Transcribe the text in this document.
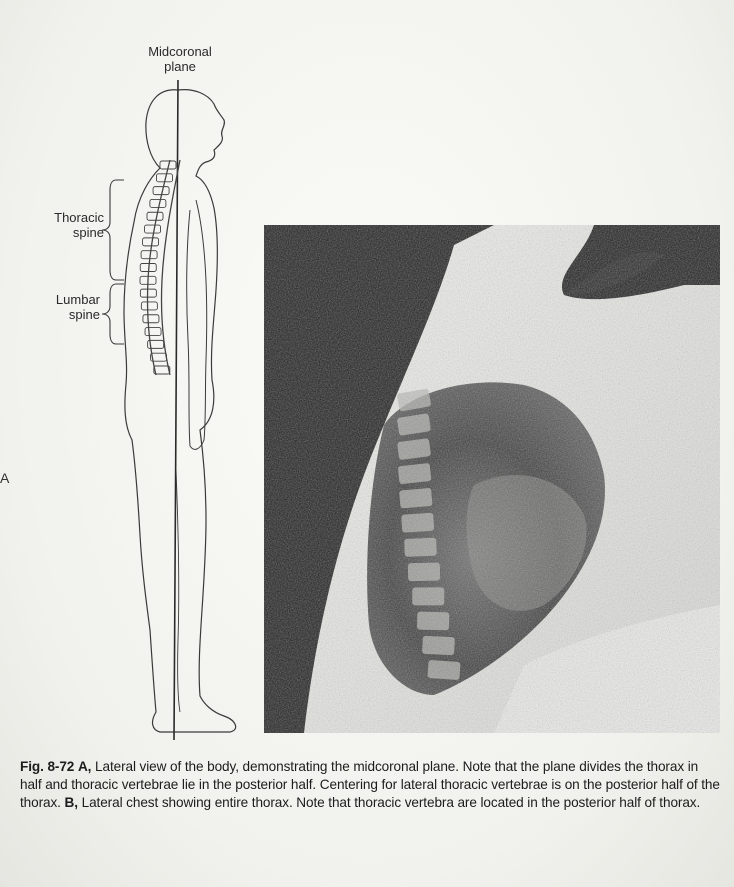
Midcoronal
plane
Thoracic
spine
Lumbar
spine
A
Fig. 8-72 A, Lateral view of the body, demonstrating the midcoronal plane. Note that the plane divides the thorax in half and thoracic vertebrae lie in the posterior half. Centering for lateral thoracic vertebrae is on the posterior half of the thorax. B, Lateral chest showing entire thorax. Note that thoracic vertebra are located in the posterior half of thorax.
